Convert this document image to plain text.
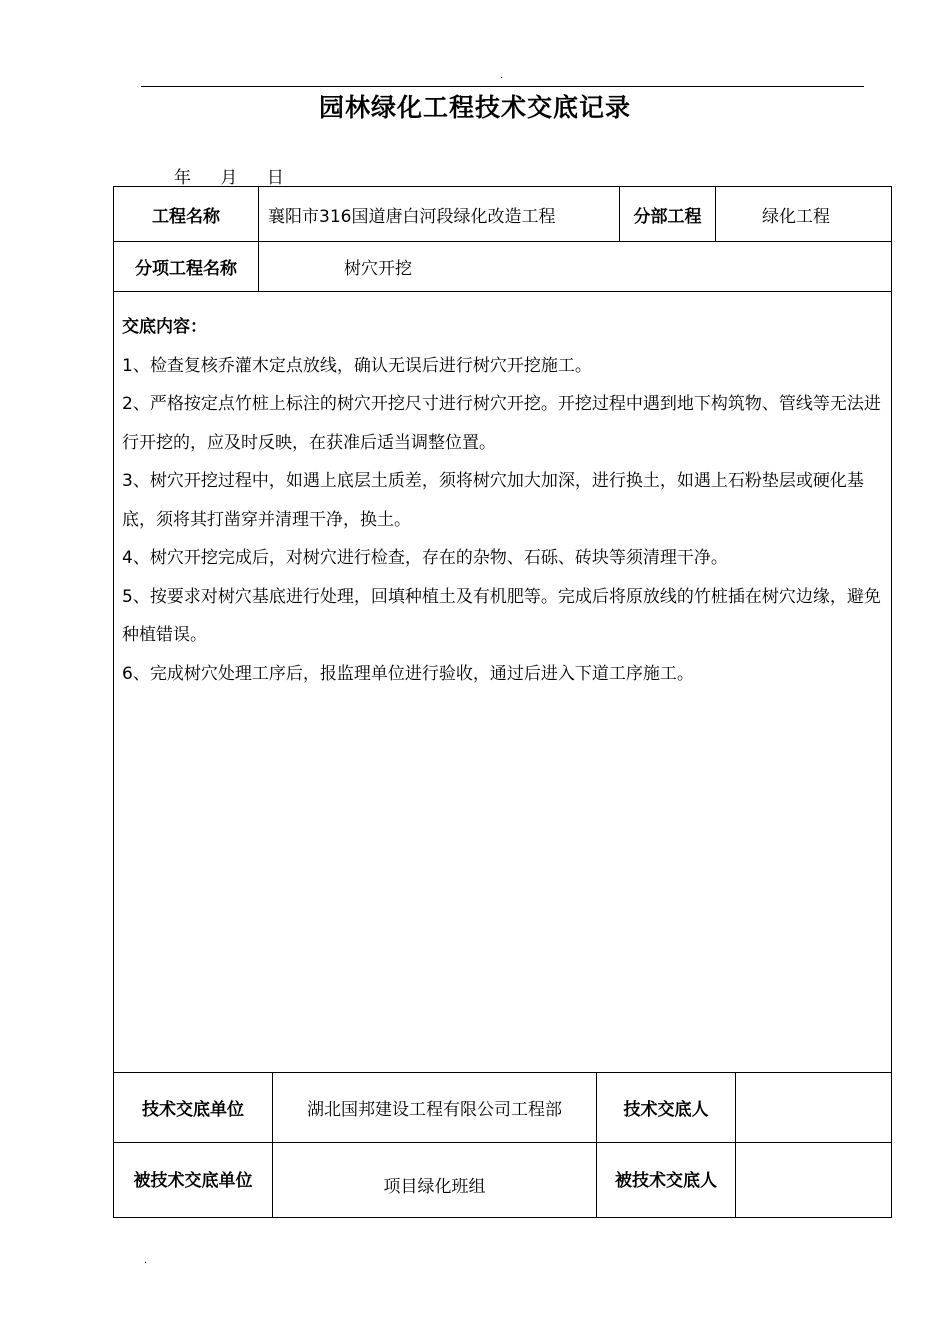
.
园林绿化工程技术交底记录
年 月 日
工程名称	襄阳市316国道唐白河段绿化改造工程	分部工程	绿化工程
分项工程名称	树穴开挖

交底内容：

1、检查复核乔灌木定点放线，确认无误后进行树穴开挖施工。

2、严格按定点竹桩上标注的树穴开挖尺寸进行树穴开挖。开挖过程中遇到地下构筑物、管线等无法进行开挖的，应及时反映，在获准后适当调整位置。

3、树穴开挖过程中，如遇上底层土质差，须将树穴加大加深，进行换土，如遇上石粉垫层或硬化基底，须将其打凿穿并清理干净，换土。

4、树穴开挖完成后，对树穴进行检查，存在的杂物、石砾、砖块等须清理干净。

5、按要求对树穴基底进行处理，回填种植土及有机肥等。完成后将原放线的竹桩插在树穴边缘，避免种植错误。

6、完成树穴处理工序后，报监理单位进行验收，通过后进入下道工序施工。

技术交底单位	湖北国邦建设工程有限公司工程部	技术交底人
被技术交底单位	项目绿化班组	被技术交底人
.
